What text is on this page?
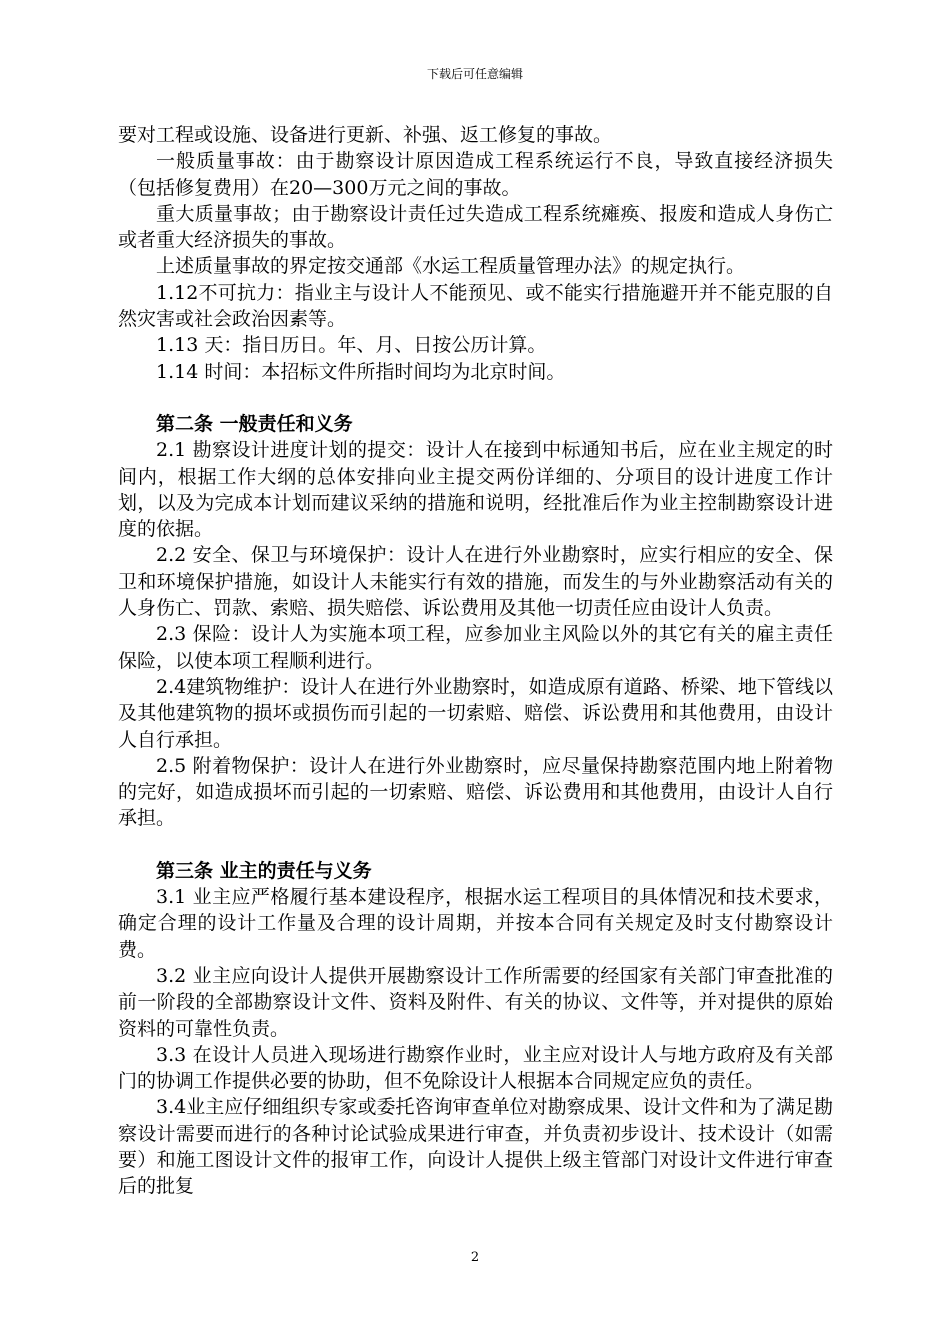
下载后可任意编辑

要对工程或设施、设备进行更新、补强、返工修复的事故。

一般质量事故：由于勘察设计原因造成工程系统运行不良，导致直接经济损失（包括修复费用）在20—300万元之间的事故。

重大质量事故；由于勘察设计责任过失造成工程系统瘫痪、报废和造成人身伤亡或者重大经济损失的事故。

上述质量事故的界定按交通部《水运工程质量管理办法》的规定执行。

1.12不可抗力：指业主与设计人不能预见、或不能实行措施避开并不能克服的自然灾害或社会政治因素等。

1.13 天：指日历日。年、月、日按公历计算。

1.14 时间：本招标文件所指时间均为北京时间。

第二条 一般责任和义务

2.1 勘察设计进度计划的提交：设计人在接到中标通知书后，应在业主规定的时间内，根据工作大纲的总体安排向业主提交两份详细的、分项目的设计进度工作计划，以及为完成本计划而建议采纳的措施和说明，经批准后作为业主控制勘察设计进度的依据。

2.2 安全、保卫与环境保护：设计人在进行外业勘察时，应实行相应的安全、保卫和环境保护措施，如设计人未能实行有效的措施，而发生的与外业勘察活动有关的人身伤亡、罚款、索赔、损失赔偿、诉讼费用及其他一切责任应由设计人负责。

2.3 保险：设计人为实施本项工程，应参加业主风险以外的其它有关的雇主责任保险，以使本项工程顺利进行。

2.4建筑物维护：设计人在进行外业勘察时，如造成原有道路、桥梁、地下管线以及其他建筑物的损坏或损伤而引起的一切索赔、赔偿、诉讼费用和其他费用，由设计人自行承担。

2.5 附着物保护：设计人在进行外业勘察时，应尽量保持勘察范围内地上附着物的完好，如造成损坏而引起的一切索赔、赔偿、诉讼费用和其他费用，由设计人自行承担。

第三条 业主的责任与义务

3.1 业主应严格履行基本建设程序，根据水运工程项目的具体情况和技术要求，确定合理的设计工作量及合理的设计周期，并按本合同有关规定及时支付勘察设计费。

3.2 业主应向设计人提供开展勘察设计工作所需要的经国家有关部门审查批准的前一阶段的全部勘察设计文件、资料及附件、有关的协议、文件等，并对提供的原始资料的可靠性负责。

3.3 在设计人员进入现场进行勘察作业时，业主应对设计人与地方政府及有关部门的协调工作提供必要的协助，但不免除设计人根据本合同规定应负的责任。

3.4业主应仔细组织专家或委托咨询审查单位对勘察成果、设计文件和为了满足勘察设计需要而进行的各种讨论试验成果进行审查，并负责初步设计、技术设计（如需要）和施工图设计文件的报审工作，向设计人提供上级主管部门对设计文件进行审查后的批复

2
